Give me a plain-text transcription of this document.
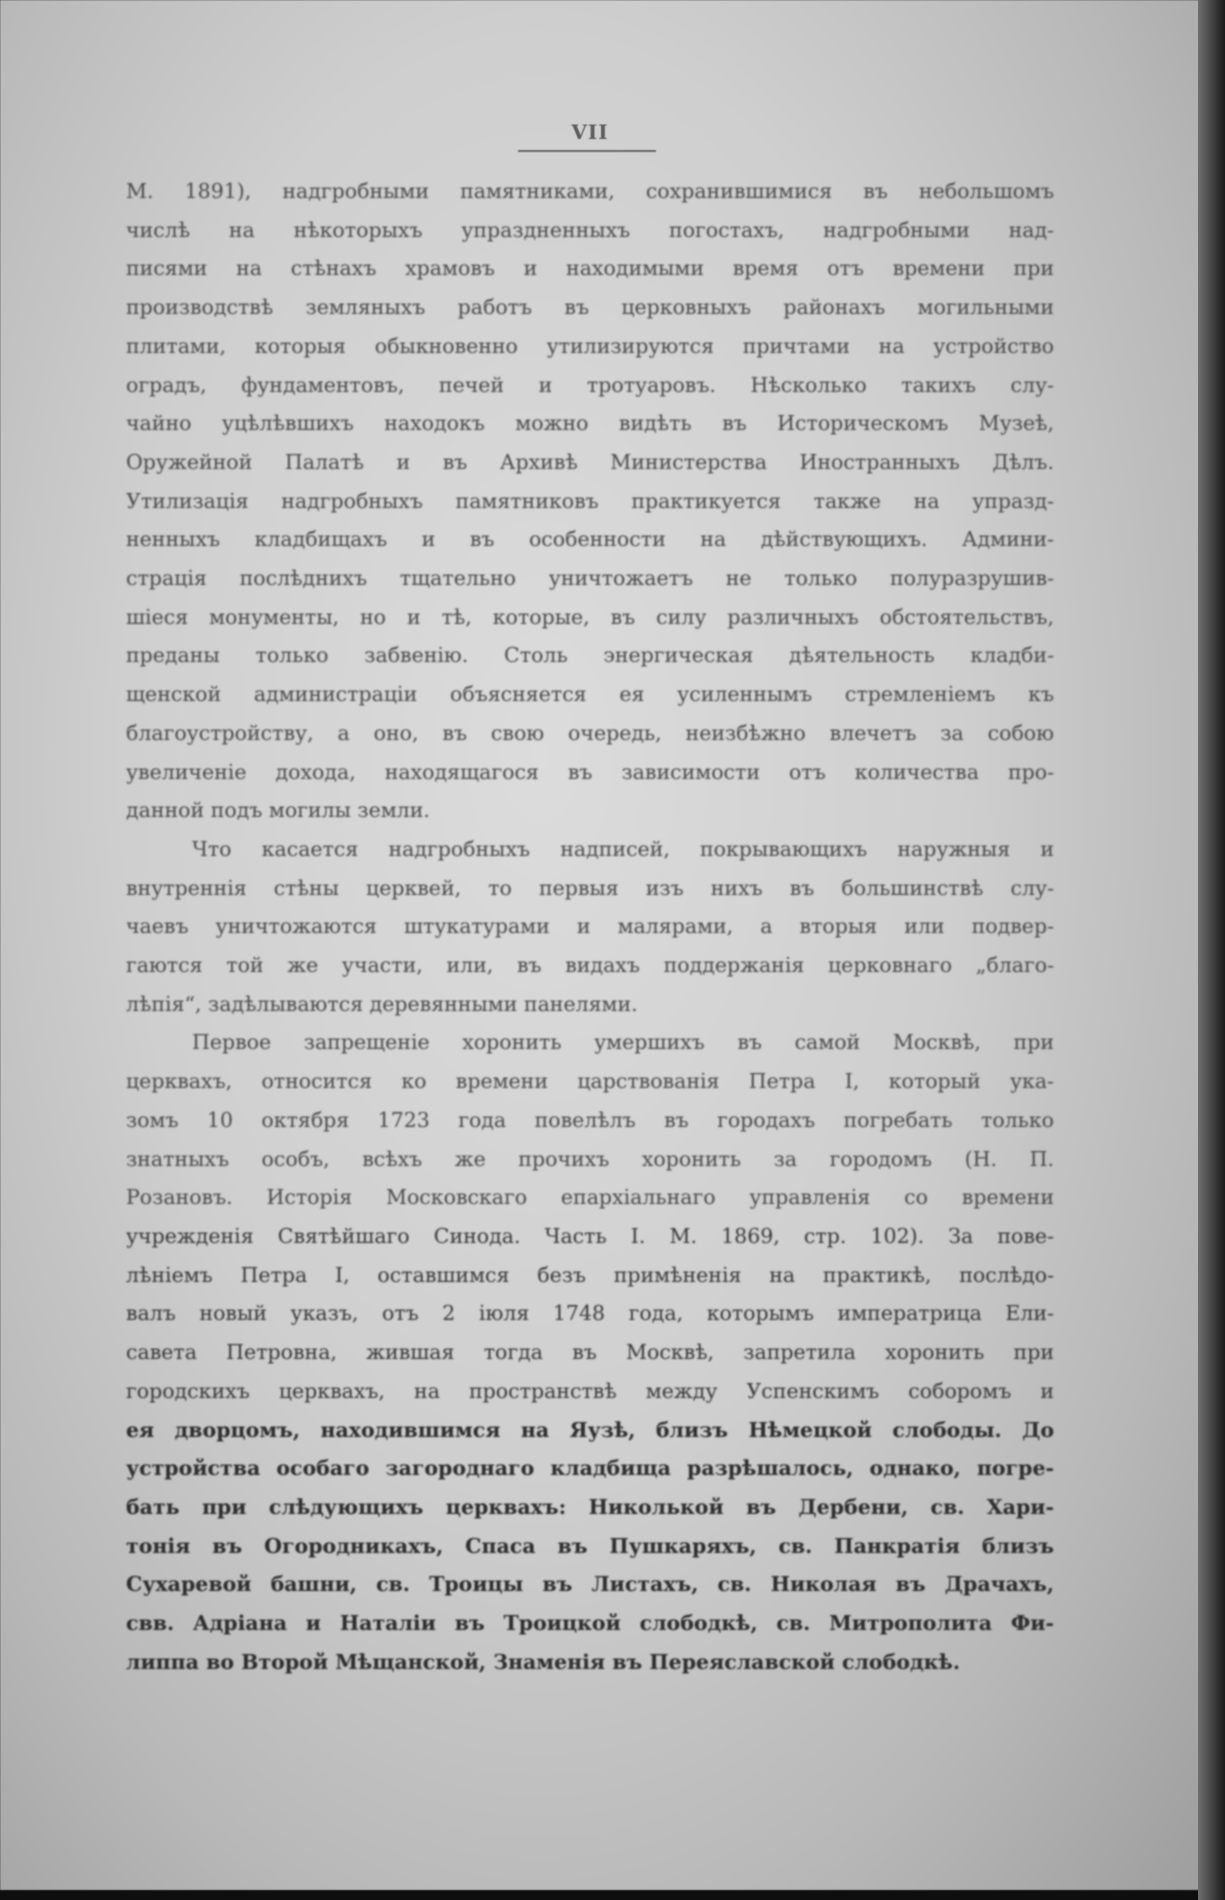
VII
М. 1891), надгробными памятниками, сохранившимися въ небольшомъ
числѣ на нѣкоторыхъ упраздненныхъ погостахъ, надгробными над-
писями на стѣнахъ храмовъ и находимыми время отъ времени при
производствѣ земляныхъ работъ въ церковныхъ районахъ могильными
плитами, которыя обыкновенно утилизируются причтами на устройство
оградъ, фундаментовъ, печей и тротуаровъ. Нѣсколько такихъ слу-
чайно уцѣлѣвшихъ находокъ можно видѣть въ Историческомъ Музеѣ,
Оружейной Палатѣ и въ Архивѣ Министерства Иностранныхъ Дѣлъ.
Утилизація надгробныхъ памятниковъ практикуется также на упразд-
ненныхъ кладбищахъ и въ особенности на дѣйствующихъ. Админи-
страція послѣднихъ тщательно уничтожаетъ не только полуразрушив-
шіеся монументы, но и тѣ, которые, въ силу различныхъ обстоятельствъ,
преданы только забвенію. Столь энергическая дѣятельность кладби-
щенской администраціи объясняется ея усиленнымъ стремленіемъ къ
благоустройству, а оно, въ свою очередь, неизбѣжно влечетъ за собою
увеличеніе дохода, находящагося въ зависимости отъ количества про-
данной подъ могилы земли.
Что касается надгробныхъ надписей, покрывающихъ наружныя и
внутреннія стѣны церквей, то первыя изъ нихъ въ большинствѣ слу-
чаевъ уничтожаются штукатурами и малярами, а вторыя или подвер-
гаются той же участи, или, въ видахъ поддержанія церковнаго „благо-
лѣпія“, задѣлываются деревянными панелями.
Первое запрещеніе хоронить умершихъ въ самой Москвѣ, при
церквахъ, относится ко времени царствованія Петра I, который ука-
зомъ 10 октября 1723 года повелѣлъ въ городахъ погребать только
знатныхъ особъ, всѣхъ же прочихъ хоронить за городомъ (Н. П.
Розановъ. Исторія Московскаго епархіальнаго управленія со времени
учрежденія Святѣйшаго Синода. Часть I. М. 1869, стр. 102). За пове-
лѣніемъ Петра I, оставшимся безъ примѣненія на практикѣ, послѣдо-
валъ новый указъ, отъ 2 іюля 1748 года, которымъ императрица Ели-
савета Петровна, жившая тогда въ Москвѣ, запретила хоронить при
городскихъ церквахъ, на пространствѣ между Успенскимъ соборомъ и
ея дворцомъ, находившимся на Яузѣ, близъ Нѣмецкой слободы. До
устройства особаго загороднаго кладбища разрѣшалось, однако, погре-
бать при слѣдующихъ церквахъ: Николькой въ Дербени, св. Хари-
тонія въ Огородникахъ, Спаса въ Пушкаряхъ, св. Панкратія близъ
Сухаревой башни, св. Троицы въ Листахъ, св. Николая въ Драчахъ,
свв. Адріана и Наталіи въ Троицкой слободкѣ, св. Митрополита Фи-
липпа во Второй Мѣщанской, Знаменія въ Переяславской слободкѣ.
